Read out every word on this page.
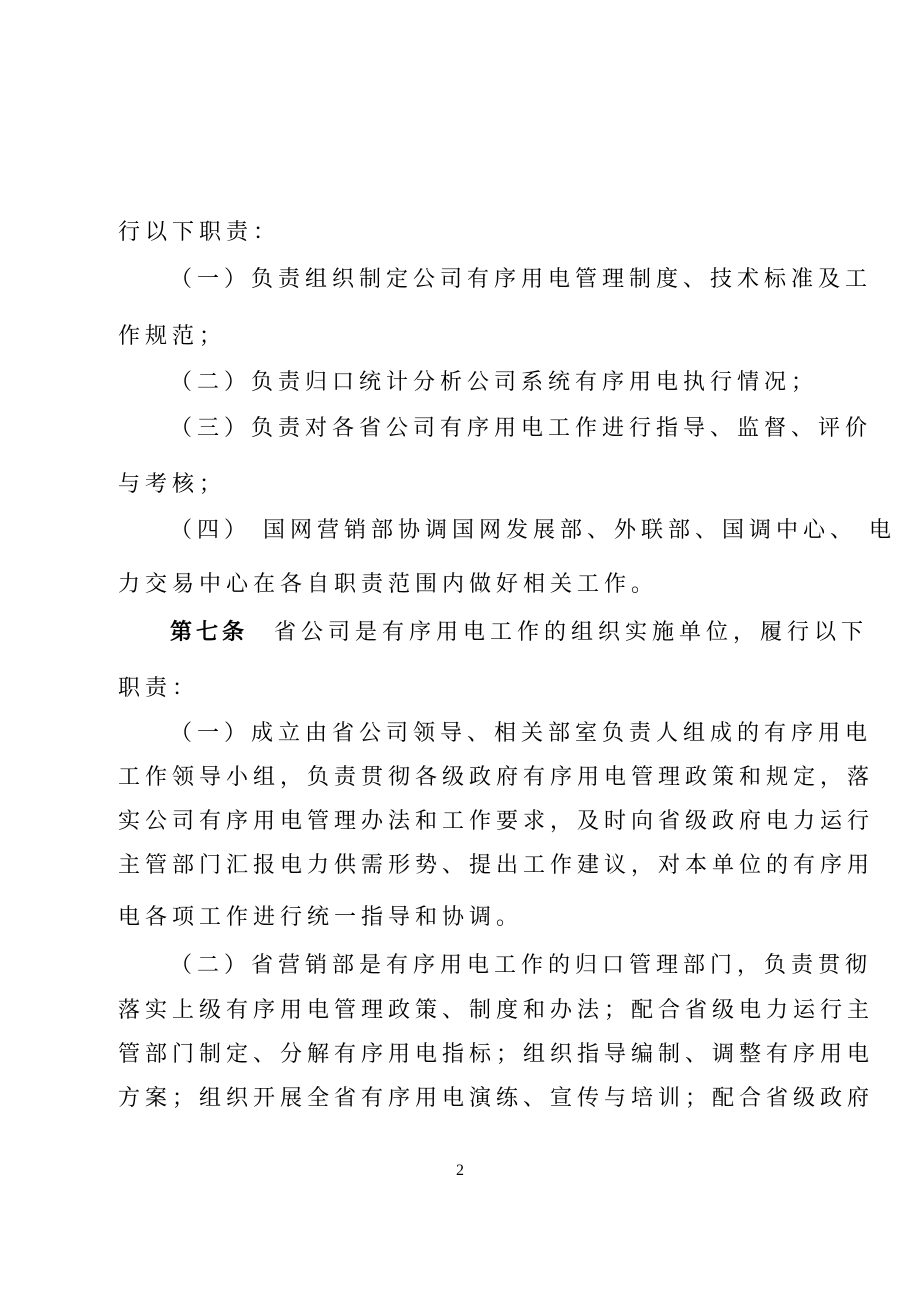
行以下职责：
（一）负责组织制定公司有序用电管理制度、技术标准及工
作规范；
（二）负责归口统计分析公司系统有序用电执行情况；
（三）负责对各省公司有序用电工作进行指导、监督、评价
与考核；
（四） 国网营销部协调国网发展部、外联部、国调中心、 电
力交易中心在各自职责范围内做好相关工作。
第七条 省公司是有序用电工作的组织实施单位，履行以下
职责：
（一）成立由省公司领导、相关部室负责人组成的有序用电
工作领导小组，负责贯彻各级政府有序用电管理政策和规定，落
实公司有序用电管理办法和工作要求，及时向省级政府电力运行
主管部门汇报电力供需形势、提出工作建议，对本单位的有序用
电各项工作进行统一指导和协调。
（二）省营销部是有序用电工作的归口管理部门，负责贯彻
落实上级有序用电管理政策、制度和办法；配合省级电力运行主
管部门制定、分解有序用电指标；组织指导编制、调整有序用电
方案；组织开展全省有序用电演练、宣传与培训；配合省级政府
2
